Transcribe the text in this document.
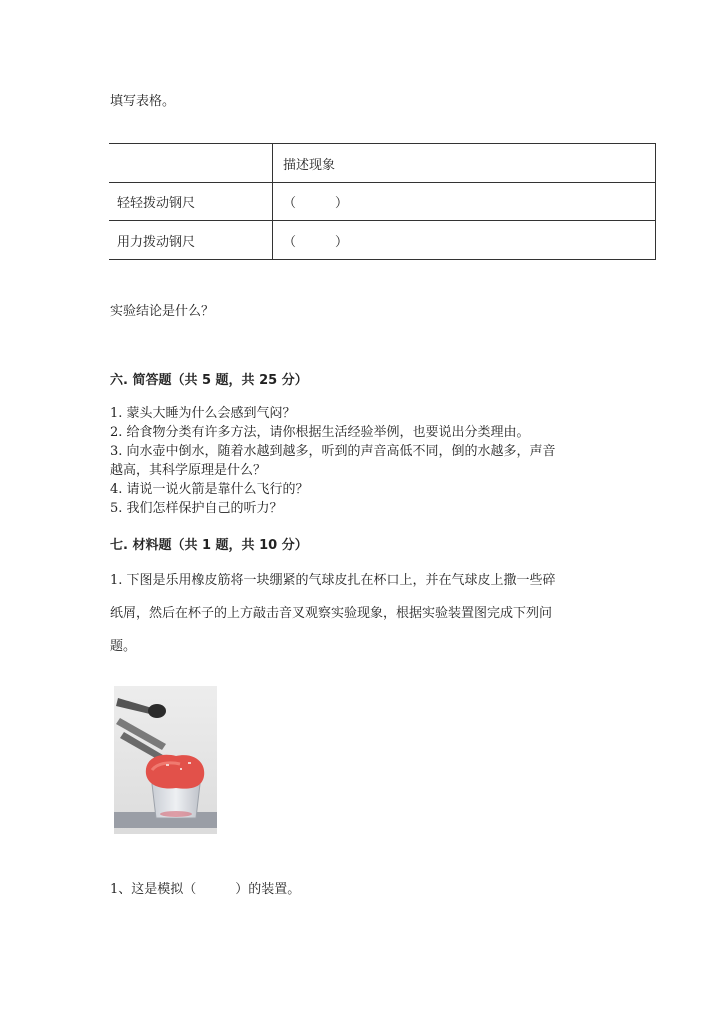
填写表格。
	描述现象
轻轻拨动钢尺	（　　　）
用力拨动钢尺	（　　　）
实验结论是什么？
六. 简答题（共 5 题，共 25 分）
1. 蒙头大睡为什么会感到气闷？
2. 给食物分类有许多方法，请你根据生活经验举例，也要说出分类理由。
3. 向水壶中倒水，随着水越到越多，听到的声音高低不同，倒的水越多，声音
越高，其科学原理是什么？
4. 请说一说火箭是靠什么飞行的？
5. 我们怎样保护自己的听力？
七. 材料题（共 1 题，共 10 分）
1. 下图是乐用橡皮筋将一块绷紧的气球皮扎在杯口上，并在气球皮上撒一些碎
纸屑，然后在杯子的上方敲击音叉观察实验现象，根据实验装置图完成下列问
题。
1、这是模拟（　　　）的装置。
